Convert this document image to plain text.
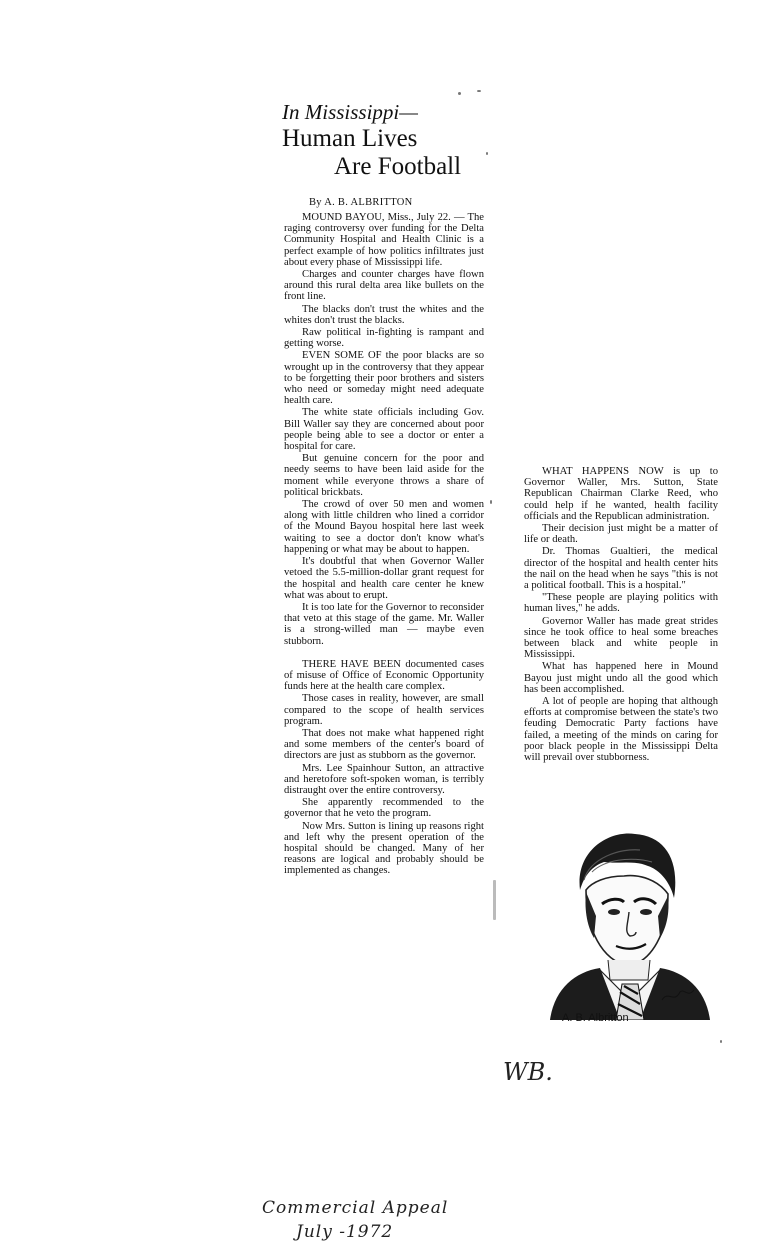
In Mississippi—
Human Lives
Are Football
By A. B. ALBRITTON

MOUND BAYOU, Miss., July 22. — The raging controversy over funding for the Delta Community Hospital and Health Clinic is a perfect example of how politics infiltrates just about every phase of Mississippi life.

Charges and counter charges have flown around this rural delta area like bullets on the front line.

The blacks don't trust the whites and the whites don't trust the blacks.

Raw political in-fighting is rampant and getting worse.

EVEN SOME OF the poor blacks are so wrought up in the controversy that they appear to be forgetting their poor brothers and sisters who need or someday might need adequate health care.

The white state officials including Gov. Bill Waller say they are concerned about poor people being able to see a doctor or enter a hospital for care.

But genuine concern for the poor and needy seems to have been laid aside for the moment while everyone throws a share of political brickbats.

The crowd of over 50 men and women along with little children who lined a corridor of the Mound Bayou hospital here last week waiting to see a doctor don't know what's happening or what may be about to happen.

It's doubtful that when Governor Waller vetoed the 5.5-million-dollar grant request for the hospital and health care center he knew what was about to erupt.

It is too late for the Governor to reconsider that veto at this stage of the game. Mr. Waller is a strong-willed man — maybe even stubborn.

THERE HAVE BEEN documented cases of misuse of Office of Economic Opportunity funds here at the health care complex.

Those cases in reality, however, are small compared to the scope of health services program.

That does not make what happened right and some members of the center's board of directors are just as stubborn as the governor.

Mrs. Lee Spainhour Sutton, an attractive and heretofore soft-spoken woman, is terribly distraught over the entire controversy.

She apparently recommended to the governor that he veto the program.

Now Mrs. Sutton is lining up reasons right and left why the present operation of the hospital should be changed. Many of her reasons are logical and probably should be implemented as changes.

WHAT HAPPENS NOW is up to Governor Waller, Mrs. Sutton, State Republican Chairman Clarke Reed, who could help if he wanted, health facility officials and the Republican administration.

Their decision just might be a matter of life or death.

Dr. Thomas Gualtieri, the medical director of the hospital and health center hits the nail on the head when he says "this is not a political football. This is a hospital."

"These people are playing politics with human lives," he adds.

Governor Waller has made great strides since he took office to heal some breaches between black and white people in Mississippi.

What has happened here in Mound Bayou just might undo all the good which has been accomplished.

A lot of people are hoping that although efforts at compromise between the state's two feuding Democratic Party factions have failed, a meeting of the minds on caring for poor black people in the Mississippi Delta will prevail over stubborness.

A. B. Albritton
WB.
Commercial Appeal
July -1972
